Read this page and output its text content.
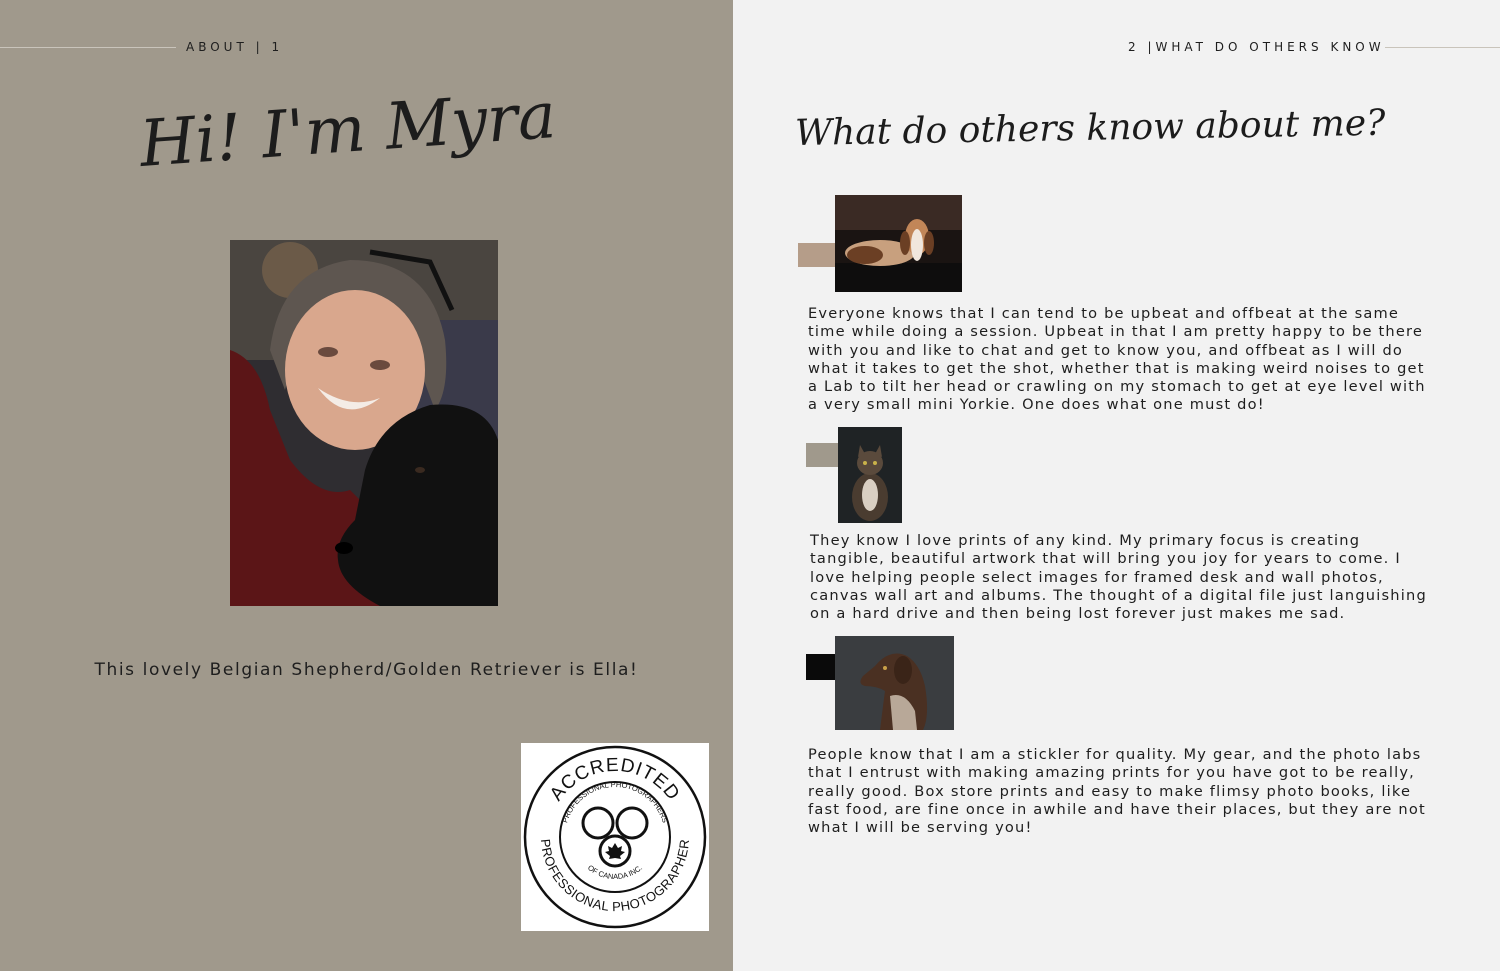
ABOUT | 1
Hi! I'm Myra
This lovely Belgian Shepherd/Golden Retriever is Ella!
ACCREDITED
PROFESSIONAL PHOTOGRAPHER
PROFESSIONAL PHOTOGRAPHERS
OF CANADA INC.
2 |WHAT DO OTHERS KNOW
What do others know about me?

Everyone knows that I can tend to be upbeat and offbeat at the same time while doing a session. Upbeat in that I am pretty happy to be there with you and like to chat and get to know you, and offbeat as I will do what it takes to get the shot, whether that is making weird noises to get a Lab to tilt her head or crawling on my stomach to get at eye level with a very small mini Yorkie. One does what one must do!

They know I love prints of any kind. My primary focus is creating tangible, beautiful artwork that will bring you joy for years to come. I love helping people select images for framed desk and wall photos, canvas wall art and albums. The thought of a digital file just languishing on a hard drive and then being lost forever just makes me sad.

People know that I am a stickler for quality. My gear, and the photo labs that I entrust with making amazing prints for you have got to be really, really good. Box store prints and easy to make flimsy photo books, like fast food, are fine once in awhile and have their places, but they are not what I will be serving you!
